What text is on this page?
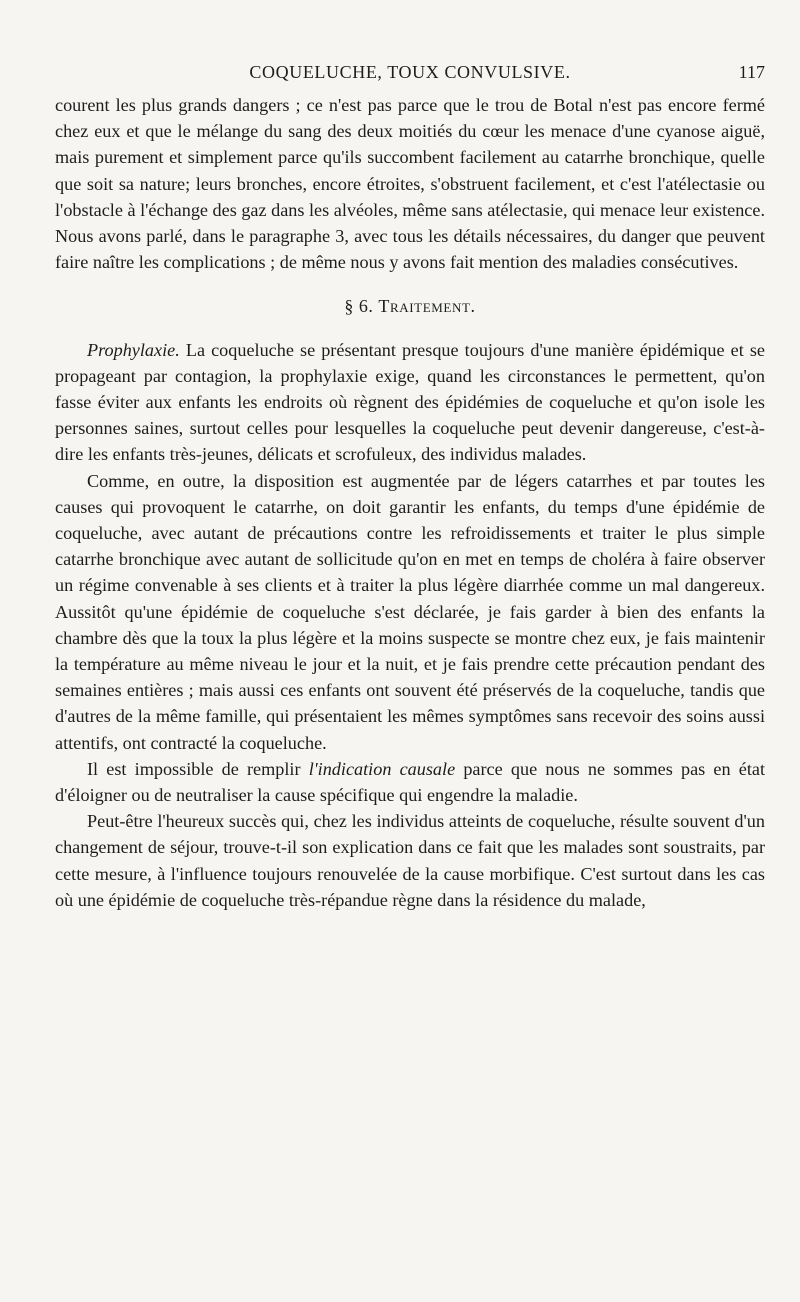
COQUELUCHE, TOUX CONVULSIVE.	117

courent les plus grands dangers ; ce n'est pas parce que le trou de Botal n'est pas encore fermé chez eux et que le mélange du sang des deux moitiés du cœur les menace d'une cyanose aiguë, mais purement et simplement parce qu'ils succombent facilement au catarrhe bronchique, quelle que soit sa nature; leurs bronches, encore étroites, s'obstruent facilement, et c'est l'atélectasie ou l'obstacle à l'échange des gaz dans les alvéoles, même sans atélectasie, qui menace leur existence. Nous avons parlé, dans le paragraphe 3, avec tous les détails nécessaires, du danger que peuvent faire naître les complications ; de même nous y avons fait mention des maladies consécutives.

§ 6. Traitement.

Prophylaxie. La coqueluche se présentant presque toujours d'une manière épidémique et se propageant par contagion, la prophylaxie exige, quand les circonstances le permettent, qu'on fasse éviter aux enfants les endroits où règnent des épidémies de coqueluche et qu'on isole les personnes saines, surtout celles pour lesquelles la coqueluche peut devenir dangereuse, c'est-à-dire les enfants très-jeunes, délicats et scrofuleux, des individus malades.

Comme, en outre, la disposition est augmentée par de légers catarrhes et par toutes les causes qui provoquent le catarrhe, on doit garantir les enfants, du temps d'une épidémie de coqueluche, avec autant de précautions contre les refroidissements et traiter le plus simple catarrhe bronchique avec autant de sollicitude qu'on en met en temps de choléra à faire observer un régime convenable à ses clients et à traiter la plus légère diarrhée comme un mal dangereux. Aussitôt qu'une épidémie de coqueluche s'est déclarée, je fais garder à bien des enfants la chambre dès que la toux la plus légère et la moins suspecte se montre chez eux, je fais maintenir la température au même niveau le jour et la nuit, et je fais prendre cette précaution pendant des semaines entières ; mais aussi ces enfants ont souvent été préservés de la coqueluche, tandis que d'autres de la même famille, qui présentaient les mêmes symptômes sans recevoir des soins aussi attentifs, ont contracté la coqueluche.

Il est impossible de remplir l'indication causale parce que nous ne sommes pas en état d'éloigner ou de neutraliser la cause spécifique qui engendre la maladie.

Peut-être l'heureux succès qui, chez les individus atteints de coqueluche, résulte souvent d'un changement de séjour, trouve-t-il son explication dans ce fait que les malades sont soustraits, par cette mesure, à l'influence toujours renouvelée de la cause morbifique. C'est surtout dans les cas où une épidémie de coqueluche très-répandue règne dans la résidence du malade,
